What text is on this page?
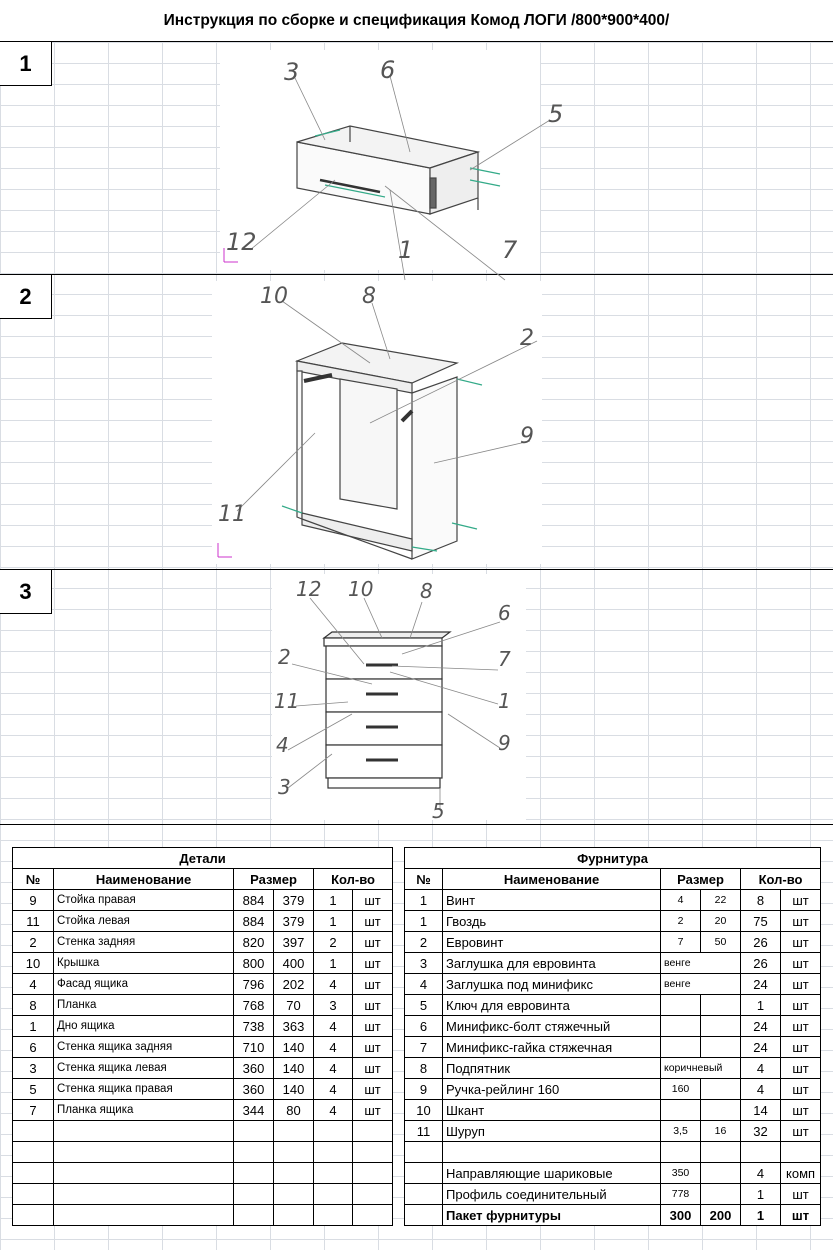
Инструкция по сборке и спецификация Комод ЛОГИ /800*900*400/
1	3	6
5
12	1	7
2	10	8
2
9
11
3	12 10 8
6
2	7
11	1
4	9
3
5
Детали					
№	Наименование	Размер		Кол-во	
9	Стойка правая	884	379	1	шт
11	Стойка левая	884	379	1	шт
2	Стенка задняя	820	397	2	шт
10	Крышка	800	400	1	шт
4	Фасад ящика	796	202	4	шт
8	Планка	768	70	3	шт
1	Дно ящика	738	363	4	шт
6	Стенка ящика задняя	710	140	4	шт
3	Стенка ящика левая	360	140	4	шт
5	Стенка ящика правая	360	140	4	шт
7	Планка ящика	344	80	4	шт

Фурнитура					
№	Наименование	Размер		Кол-во	
1	Винт	4	22	8	шт
1	Гвоздь	2	20	75	шт
2	Евровинт	7	50	26	шт
3	Заглушка для евровинта	венге		26	шт
4	Заглушка под минификс	венге		24	шт
5	Ключ для евровинта			1	шт
6	Минификс-болт стяжечный			24	шт
7	Минификс-гайка стяжечная			24	шт
8	Подпятник	коричневый		4	шт
9	Ручка-рейлинг 160	160		4	шт
10	Шкант			14	шт
11	Шуруп	3,5	16	32	шт

	Направляющие шариковые	350		4	комп
	Профиль соединительный	778		1	шт
	Пакет фурнитуры	300	200	1	шт
